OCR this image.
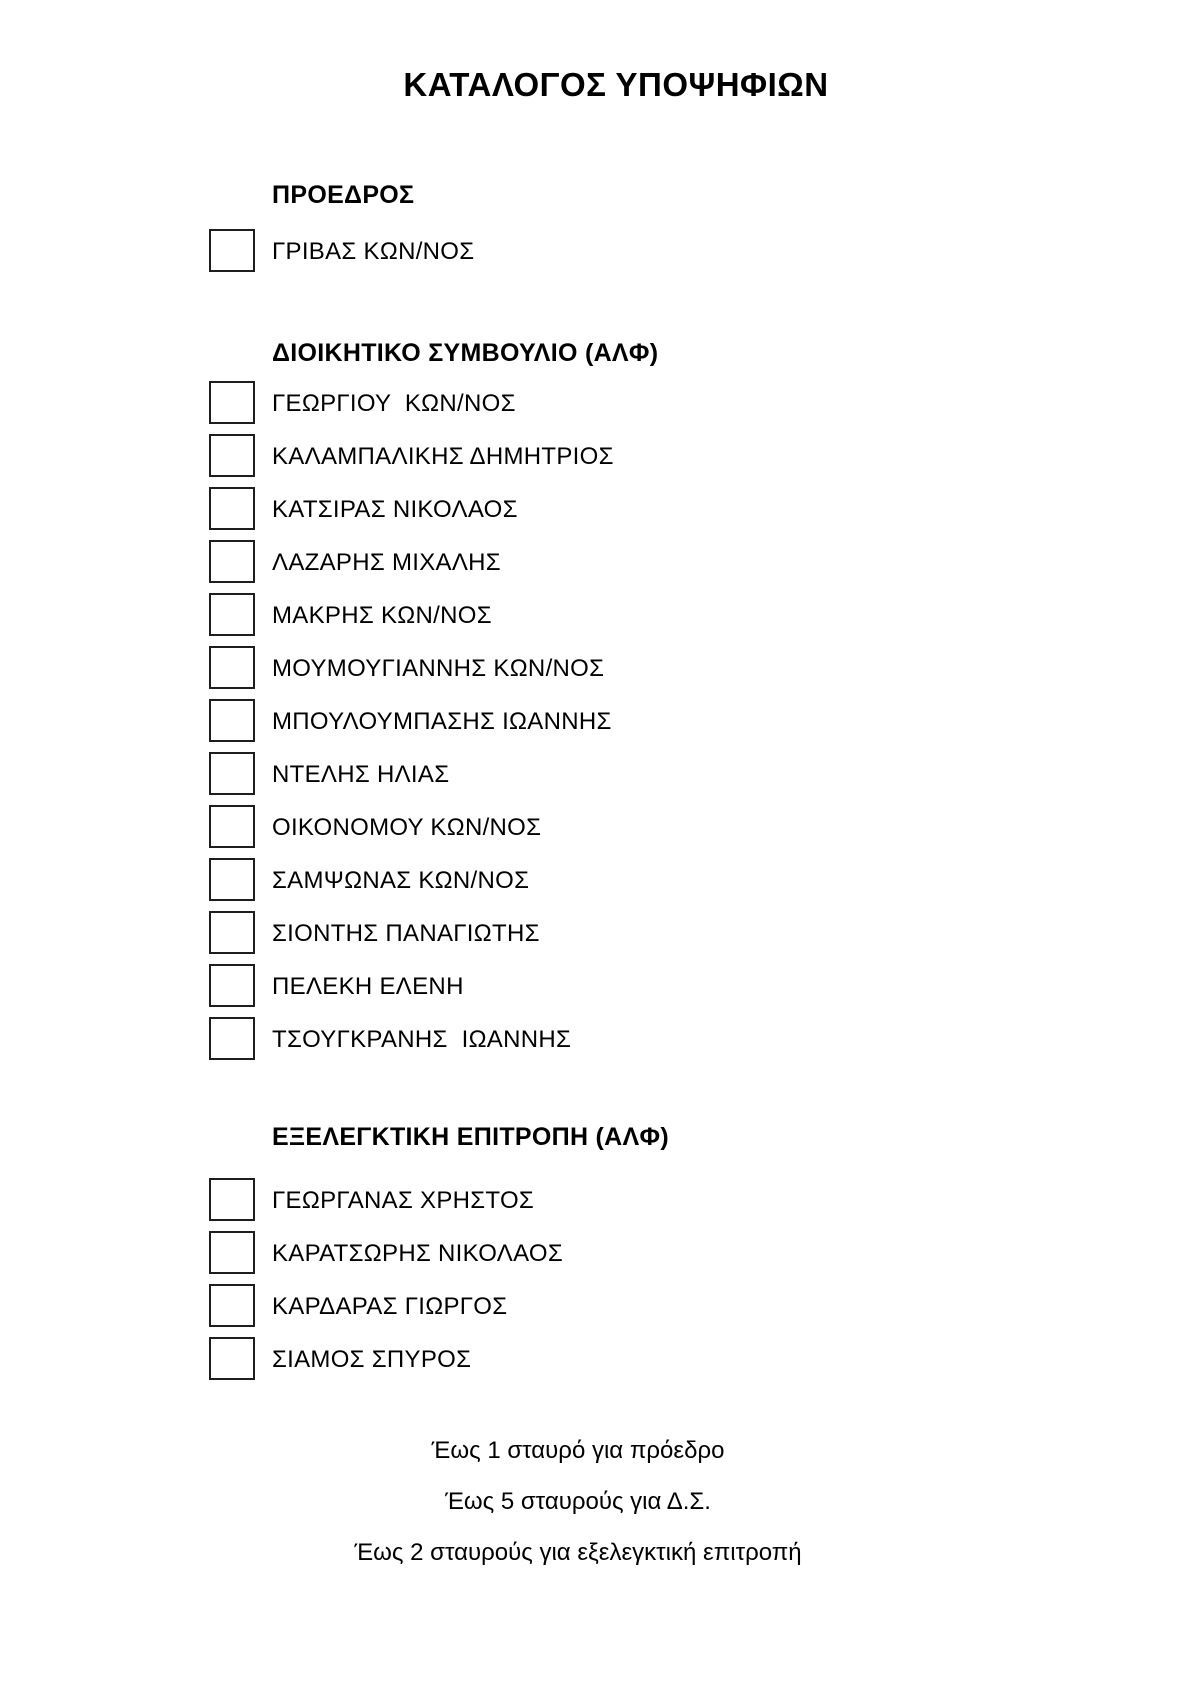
ΚΑΤΑΛΟΓΟΣ ΥΠΟΨΗΦΙΩΝ
ΠΡΟΕΔΡΟΣ
ΓΡΙΒΑΣ ΚΩΝ/ΝΟΣ
ΔΙΟΙΚΗΤΙΚΟ ΣΥΜΒΟΥΛΙΟ (ΑΛΦ)
ΓΕΩΡΓΙΟΥ  ΚΩΝ/ΝΟΣ
ΚΑΛΑΜΠΑΛΙΚΗΣ ΔΗΜΗΤΡΙΟΣ
ΚΑΤΣΙΡΑΣ ΝΙΚΟΛΑΟΣ
ΛΑΖΑΡΗΣ ΜΙΧΑΛΗΣ
ΜΑΚΡΗΣ ΚΩΝ/ΝΟΣ
ΜΟΥΜΟΥΓΙΑΝΝΗΣ ΚΩΝ/ΝΟΣ
ΜΠΟΥΛΟΥΜΠΑΣΗΣ ΙΩΑΝΝΗΣ
ΝΤΕΛΗΣ ΗΛΙΑΣ
ΟΙΚΟΝΟΜΟΥ ΚΩΝ/ΝΟΣ
ΣΑΜΨΩΝΑΣ ΚΩΝ/ΝΟΣ
ΣΙΟΝΤΗΣ ΠΑΝΑΓΙΩΤΗΣ
ΠΕΛΕΚΗ ΕΛΕΝΗ
ΤΣΟΥΓΚΡΑΝΗΣ  ΙΩΑΝΝΗΣ
ΕΞΕΛΕΓΚΤΙΚΗ ΕΠΙΤΡΟΠΗ (ΑΛΦ)
ΓΕΩΡΓΑΝΑΣ ΧΡΗΣΤΟΣ
ΚΑΡΑΤΣΩΡΗΣ ΝΙΚΟΛΑΟΣ
ΚΑΡΔΑΡΑΣ ΓΙΩΡΓΟΣ
ΣΙΑΜΟΣ ΣΠΥΡΟΣ

Έως 1 σταυρό για πρόεδρο

Έως 5 σταυρούς για Δ.Σ.

Έως 2 σταυρούς για εξελεγκτική επιτροπή
